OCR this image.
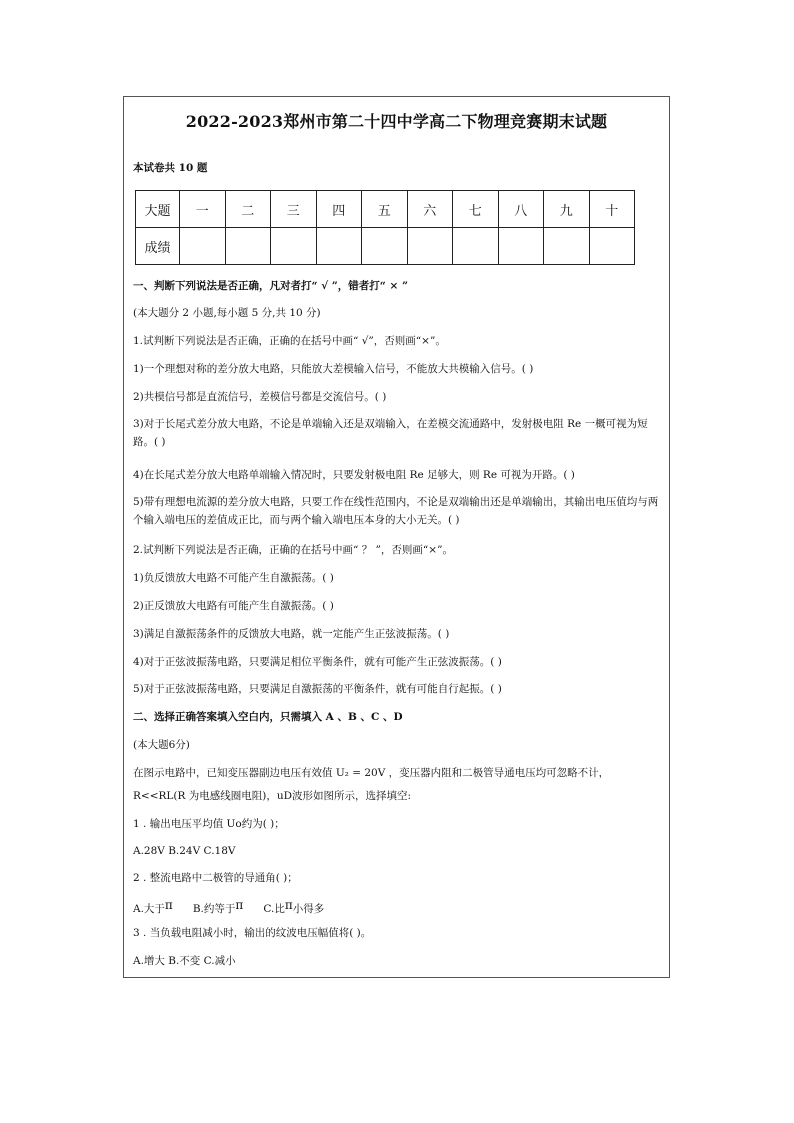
2022-2023郑州市第二十四中学高二下物理竞赛期末试题
本试卷共 10 题
大题	一	二	三	四	五	六	七	八	九	十
成绩										
一、判断下列说法是否正确，凡对者打“ √ ”，错者打“ × ”
(本大题分 2 小题,每小题 5 分,共 10 分)
1.试判断下列说法是否正确，正确的在括号中画“ √”，否则画“×”。
1)一个理想对称的差分放大电路，只能放大差模输入信号，不能放大共模输入信号。( )
2)共模信号都是直流信号，差模信号都是交流信号。( )
3)对于长尾式差分放大电路，不论是单端输入还是双端输入，在差模交流通路中，发射极电阻 Re 一概可视为短路。( )
4)在长尾式差分放大电路单端输入情况时，只要发射极电阻 Re 足够大，则 Re 可视为开路。( )
5)带有理想电流源的差分放大电路，只要工作在线性范围内，不论是双端输出还是单端输出，其输出电压值均与两个输入端电压的差值成正比，而与两个输入端电压本身的大小无关。( )
2.试判断下列说法是否正确，正确的在括号中画“ ？ ”，否则画“×”。
1)负反馈放大电路不可能产生自激振荡。( )
2)正反馈放大电路有可能产生自激振荡。( )
3)满足自激振荡条件的反馈放大电路，就一定能产生正弦波振荡。( )
4)对于正弦波振荡电路，只要满足相位平衡条件，就有可能产生正弦波振荡。( )
5)对于正弦波振荡电路，只要满足自激振荡的平衡条件，就有可能自行起振。( )
二、选择正确答案填入空白内，只需填入 A 、B 、C 、D
(本大题6分)
在图示电路中，已知变压器副边电压有效值 U₂ = 20V ，变压器内阻和二极管导通电压均可忽略不计，
R<<RL(R 为电感线圈电阻)，uD波形如图所示，选择填空:
1 . 输出电压平均值 Uo约为( )；
A.28V B.24V C.18V
2 . 整流电路中二极管的导通角( )；
A.大于π B.约等于π C.比π小得多
3 . 当负载电阻减小时，输出的纹波电压幅值将( )。
A.增大 B.不变 C.减小
